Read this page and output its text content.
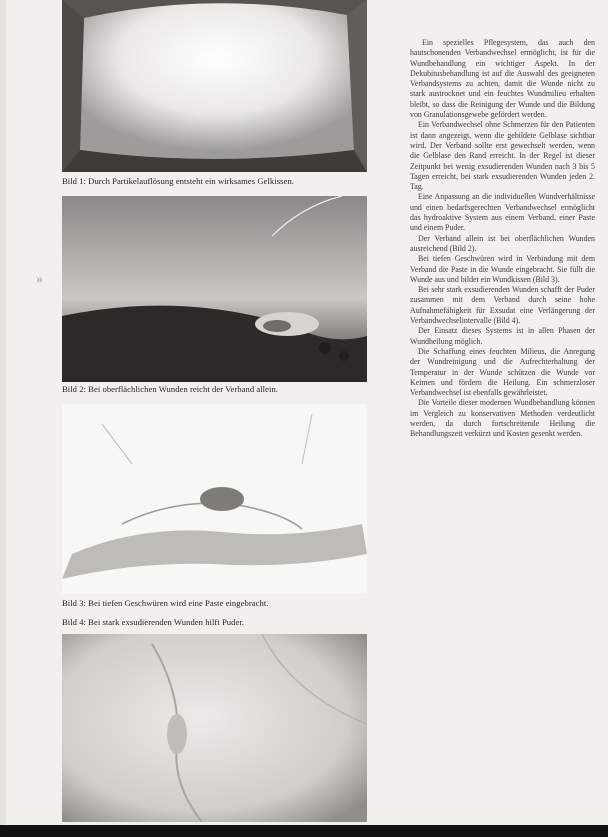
Bild 1: Durch Partikelauflösung entsteht ein wirksames Gelkissen.
Bild 2: Bei oberflächlichen Wunden reicht der Verband allein.
Bild 3: Bei tiefen Geschwüren wird eine Paste eingebracht.
Bild 4: Bei stark exsudierenden Wunden hilft Puder.
»

Ein spezielles Pflegesystem, das auch den hautschonenden Verbandwechsel ermöglicht, ist für die Wundbehandlung ein wichtiger Aspekt. In der Dekubitusbehandlung ist auf die Auswahl des geeigneten Verbandsystems zu achten, damit die Wunde nicht zu stark austrocknet und ein feuchtes Wundmilieu erhalten bleibt, so dass die Reinigung der Wunde und die Bildung von Granulationsgewebe gefördert werden.

Ein Verbandwechsel ohne Schmerzen für den Patienten ist dann angezeigt, wenn die gebildete Gelblase sichtbar wird. Der Verband sollte erst gewechselt werden, wenn die Gelblase den Rand erreicht. In der Regel ist dieser Zeitpunkt bei wenig exsudierenden Wunden nach 3 bis 5 Tagen erreicht, bei stark exsudierenden Wunden jeden 2. Tag.

Eine Anpassung an die individuellen Wundverhältnisse und einen bedarfsgerechten Verbandwechsel ermöglicht das hydroaktive System aus einem Verband, einer Paste und einem Puder.

Der Verband allein ist bei oberflächlichen Wunden ausreichend (Bild 2).

Bei tiefen Geschwüren wird in Verbindung mit dem Verband die Paste in die Wunde eingebracht. Sie füllt die Wunde aus und bildet ein Wundkissen (Bild 3).

Bei sehr stark exsudierenden Wunden schafft der Puder zusammen mit dem Verband durch seine hohe Aufnahmefähigkeit für Exsudat eine Verlängerung der Verbandwechselintervalle (Bild 4).

Der Einsatz dieses Systems ist in allen Phasen der Wundheilung möglich.

Die Schaffung eines feuchten Milieus, die Anregung der Wundreinigung und die Aufrechterhaltung der Temperatur in der Wunde schützen die Wunde vor Keimen und fördern die Heilung. Ein schmerzloser Verbandwechsel ist ebenfalls gewährleistet.

Die Vorteile dieser modernen Wundbehandlung können im Vergleich zu konservativen Methoden verdeutlicht werden, da durch fortschreitende Heilung die Behandlungszeit verkürzt und Kosten gesenkt werden.
